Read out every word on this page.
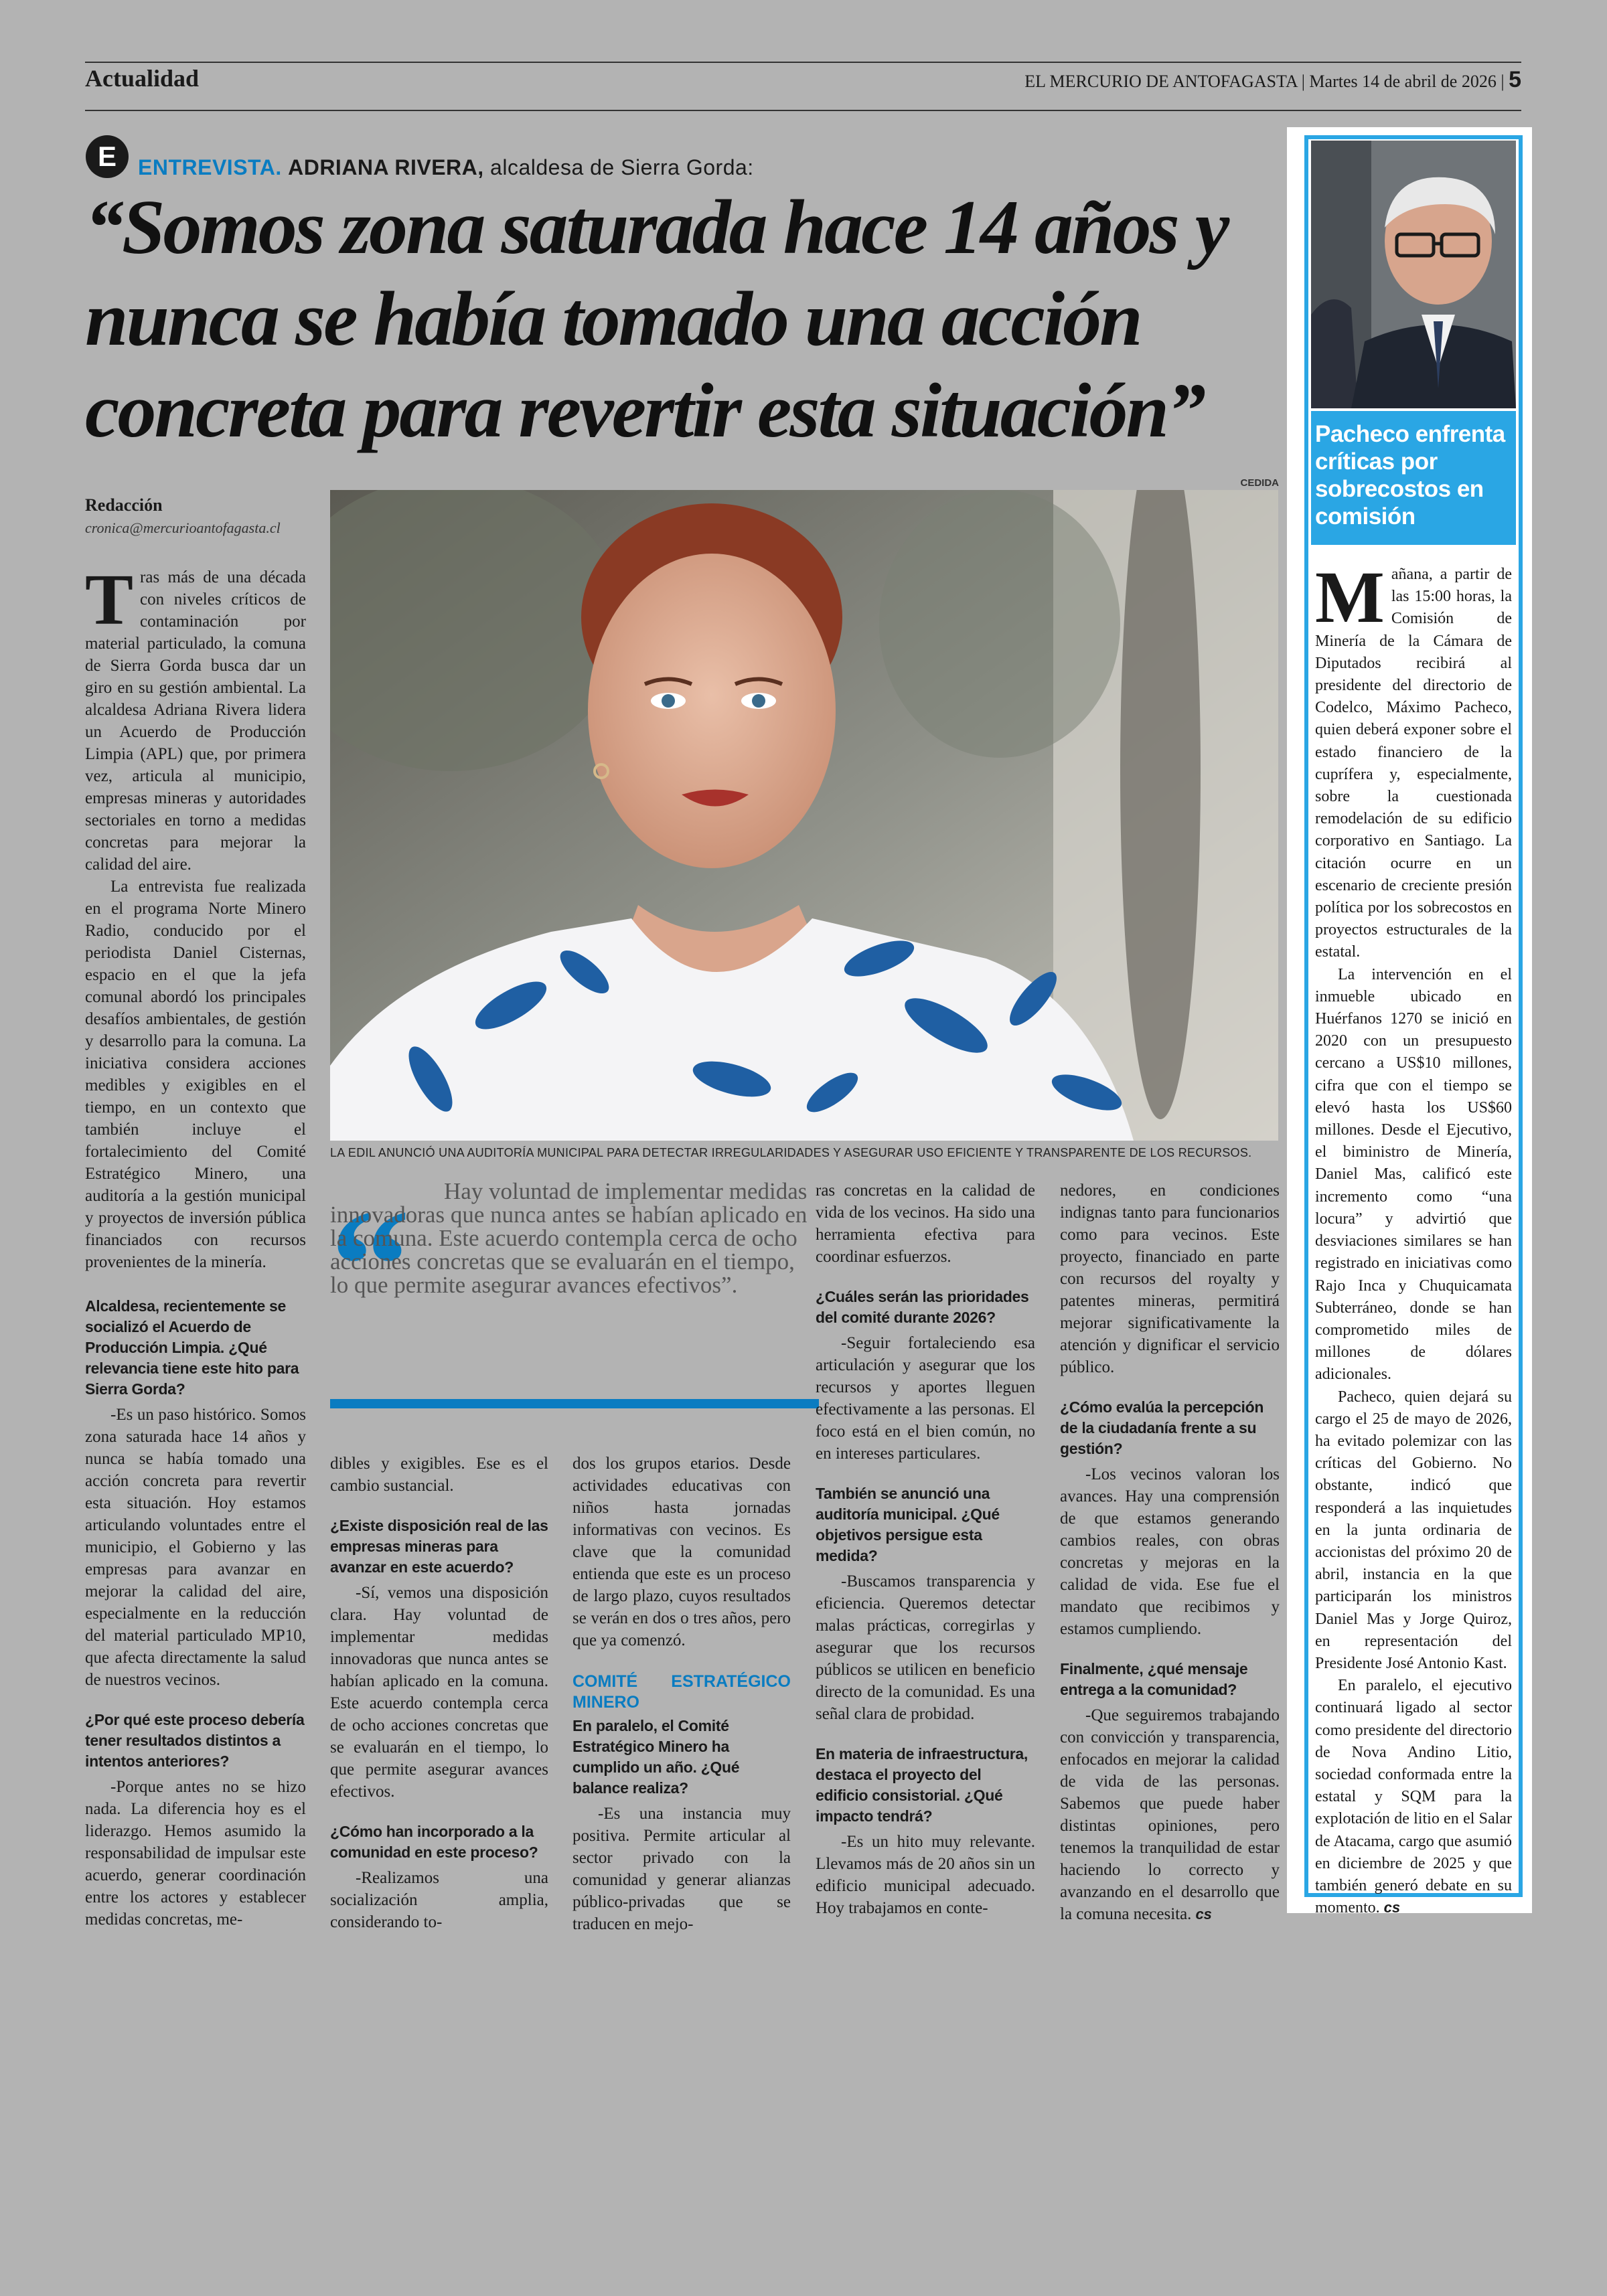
Actualidad	EL MERCURIO DE ANTOFAGASTA | Martes 14 de abril de 2026 | 5
E	ENTREVISTA. ADRIANA RIVERA, alcaldesa de Sierra Gorda:
“Somos zona saturada hace 14 años y nunca se había tomado una acción concreta para revertir esta situación”
Redacción
cronica@mercurioantofagasta.cl
CEDIDA
LA EDIL ANUNCIÓ UNA AUDITORÍA MUNICIPAL PARA DETECTAR IRREGULARIDADES Y ASEGURAR USO EFICIENTE Y TRANSPARENTE DE LOS RECURSOS.
“	Hay voluntad de implementar medidas innovadoras que nunca antes se habían aplicado en la comuna. Este acuerdo contempla cerca de ocho acciones concretas que se evaluarán en el tiempo, lo que permite asegurar avances efectivos”.

Tras más de una década con niveles críticos de contaminación por material particulado, la comuna de Sierra Gorda busca dar un giro en su gestión ambiental. La alcaldesa Adriana Rivera lidera un Acuerdo de Producción Limpia (APL) que, por primera vez, articula al municipio, empresas mineras y autoridades sectoriales en torno a medidas concretas para mejorar la calidad del aire.

La entrevista fue realizada en el programa Norte Minero Radio, conducido por el periodista Daniel Cisternas, espacio en el que la jefa comunal abordó los principales desafíos ambientales, de gestión y desarrollo para la comuna. La iniciativa considera acciones medibles y exigibles en el tiempo, en un contexto que también incluye el fortalecimiento del Comité Estratégico Minero, una auditoría a la gestión municipal y proyectos de inversión pública financiados con recursos provenientes de la minería.

Alcaldesa, recientemente se socializó el Acuerdo de Producción Limpia. ¿Qué relevancia tiene este hito para Sierra Gorda?

-Es un paso histórico. Somos zona saturada hace 14 años y nunca se había tomado una acción concreta para revertir esta situación. Hoy estamos articulando voluntades entre el municipio, el Gobierno y las empresas para avanzar en mejorar la calidad del aire, especialmente en la reducción del material particulado MP10, que afecta directamente la salud de nuestros vecinos.

¿Por qué este proceso debería tener resultados distintos a intentos anteriores?

-Porque antes no se hizo nada. La diferencia hoy es el liderazgo. Hemos asumido la responsabilidad de impulsar este acuerdo, generar coordinación entre los actores y establecer medidas concretas, me-

dibles y exigibles. Ese es el cambio sustancial.

¿Existe disposición real de las empresas mineras para avanzar en este acuerdo?

-Sí, vemos una disposición clara. Hay voluntad de implementar medidas innovadoras que nunca antes se habían aplicado en la comuna. Este acuerdo contempla cerca de ocho acciones concretas que se evaluarán en el tiempo, lo que permite asegurar avances efectivos.

¿Cómo han incorporado a la comunidad en este proceso?

-Realizamos una socialización amplia, considerando to-

dos los grupos etarios. Desde actividades educativas con niños hasta jornadas informativas con vecinos. Es clave que la comunidad entienda que este es un proceso de largo plazo, cuyos resultados se verán en dos o tres años, pero que ya comenzó.

COMITÉ ESTRATÉGICO MINERO
En paralelo, el Comité Estratégico Minero ha cumplido un año. ¿Qué balance realiza?

-Es una instancia muy positiva. Permite articular al sector privado con la comunidad y generar alianzas público-privadas que se traducen en mejo-

ras concretas en la calidad de vida de los vecinos. Ha sido una herramienta efectiva para coordinar esfuerzos.

¿Cuáles serán las prioridades del comité durante 2026?

-Seguir fortaleciendo esa articulación y asegurar que los recursos y aportes lleguen efectivamente a las personas. El foco está en el bien común, no en intereses particulares.

También se anunció una auditoría municipal. ¿Qué objetivos persigue esta medida?

-Buscamos transparencia y eficiencia. Queremos detectar malas prácticas, corregirlas y asegurar que los recursos públicos se utilicen en beneficio directo de la comunidad. Es una señal clara de probidad.

En materia de infraestructura, destaca el proyecto del edificio consistorial. ¿Qué impacto tendrá?

-Es un hito muy relevante. Llevamos más de 20 años sin un edificio municipal adecuado. Hoy trabajamos en conte-

nedores, en condiciones indignas tanto para funcionarios como para vecinos. Este proyecto, financiado en parte con recursos del royalty y patentes mineras, permitirá mejorar significativamente la atención y dignificar el servicio público.

¿Cómo evalúa la percepción de la ciudadanía frente a su gestión?

-Los vecinos valoran los avances. Hay una comprensión de que estamos generando cambios reales, con obras concretas y mejoras en la calidad de vida. Ese fue el mandato que recibimos y estamos cumpliendo.

Finalmente, ¿qué mensaje entrega a la comunidad?

-Que seguiremos trabajando con convicción y transparencia, enfocados en mejorar la calidad de vida de las personas. Sabemos que puede haber distintas opiniones, pero tenemos la tranquilidad de estar haciendo lo correcto y avanzando en el desarrollo que la comuna necesita. cs

Pacheco enfrenta críticas por sobrecostos en comisión

Mañana, a partir de las 15:00 horas, la Comisión de Minería de la Cámara de Diputados recibirá al presidente del directorio de Codelco, Máximo Pacheco, quien deberá exponer sobre el estado financiero de la cuprífera y, especialmente, sobre la cuestionada remodelación de su edificio corporativo en Santiago. La citación ocurre en un escenario de creciente presión política por los sobrecostos en proyectos estructurales de la estatal.

La intervención en el inmueble ubicado en Huérfanos 1270 se inició en 2020 con un presupuesto cercano a US$10 millones, cifra que con el tiempo se elevó hasta los US$60 millones. Desde el Ejecutivo, el biministro de Minería, Daniel Mas, calificó este incremento como “una locura” y advirtió que desviaciones similares se han registrado en iniciativas como Rajo Inca y Chuquicamata Subterráneo, donde se han comprometido miles de millones de dólares adicionales.

Pacheco, quien dejará su cargo el 25 de mayo de 2026, ha evitado polemizar con las críticas del Gobierno. No obstante, indicó que responderá a las inquietudes en la junta ordinaria de accionistas del próximo 20 de abril, instancia en la que participarán los ministros Daniel Mas y Jorge Quiroz, en representación del Presidente José Antonio Kast.

En paralelo, el ejecutivo continuará ligado al sector como presidente del directorio de Nova Andino Litio, sociedad conformada entre la estatal y SQM para la explotación de litio en el Salar de Atacama, cargo que asumió en diciembre de 2025 y que también generó debate en su momento. cs
